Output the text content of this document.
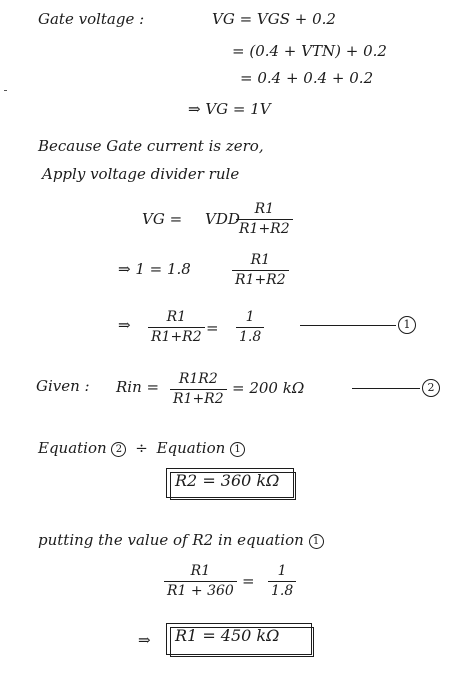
Gate voltage :	VG = VGS + 0.2
= (0.4 + VTN) + 0.2
= 0.4 + 0.4 + 0.2
⇒ VG = 1V
Because Gate current is zero,
Apply voltage divider rule
VG = VDD
$\frac{R1}{R1+R2}$
⇒ 1 = 1.8	$\frac{R1}{R1+R2}$
⇒ $\frac{R1}{R1+R2} = \frac{1}{1.8}$	1
Given : Rin = $\frac{R1R2}{R1+R2} = 200$ kΩ	2
Equation 2 ÷ Equation 1
R2 = 360 kΩ
putting the value of R2 in equation 1
$\frac{R1}{R1 + 360} = \frac{1}{1.8}$
⇒	R1 = 450 kΩ
